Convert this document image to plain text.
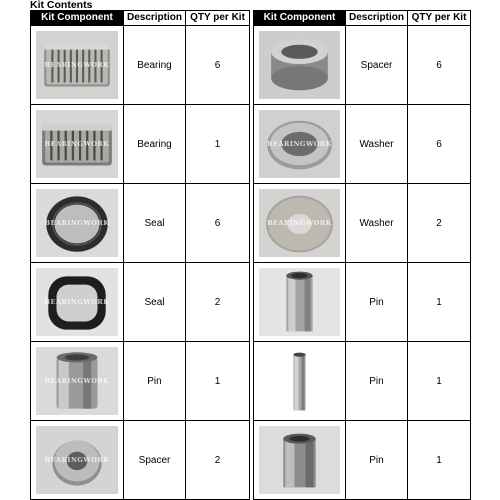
Kit Contents
Kit Component	Description	QTY per Kit

BEARINGWORK	Bearing	6

BEARINGWORK	Bearing	1

BEARINGWORK	Seal	6

BEARINGWORK	Seal	2

BEARINGWORK	Pin	1

BEARINGWORK	Spacer	2
Kit Component	Description	QTY per Kit

	Spacer	6

BEARINGWORK	Washer	6

BEARINGWORK	Washer	2

	Pin	1

	Pin	1

	Pin	1
